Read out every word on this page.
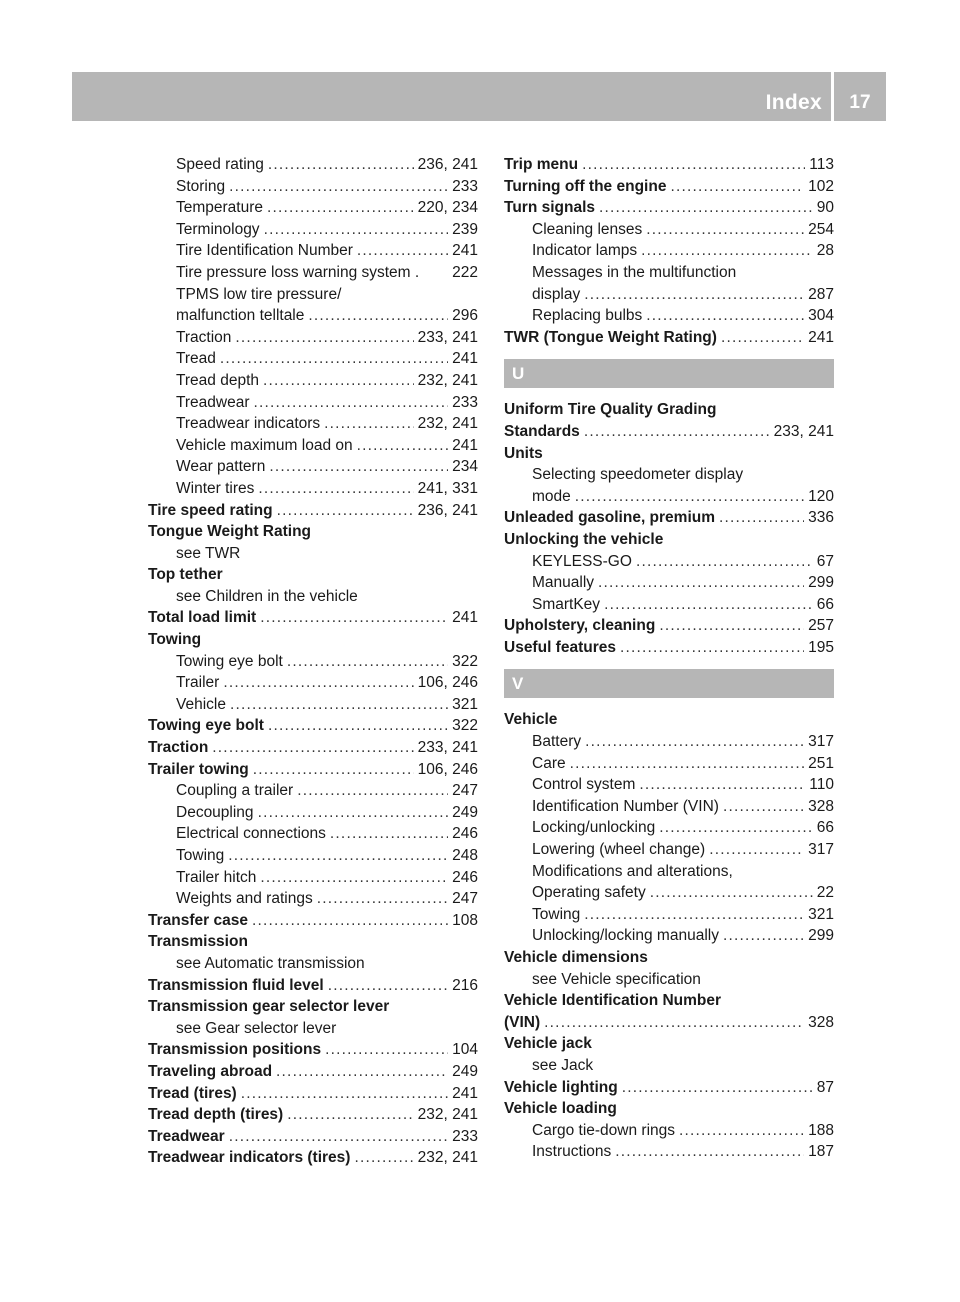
Index	17
Speed rating .....	236, 241
Storing .....	233
Temperature .....	220, 234
Terminology .....	239
Tire Identification Number .....	241
Tire pressure loss warning system . 222
TPMS low tire pressure/
malfunction telltale .....	296
Traction .....	233, 241
Tread .....	241
Tread depth .....	232, 241
Treadwear .....	233
Treadwear indicators .....	232, 241
Vehicle maximum load on .....	241
Wear pattern .....	234
Winter tires .....	241, 331
Tire speed rating .....	236, 241
Tongue Weight Rating
see TWR
Top tether
see Children in the vehicle
Total load limit .....	241
Towing
Towing eye bolt .....	322
Trailer .....	106, 246
Vehicle .....	321
Towing eye bolt .....	322
Traction .....	233, 241
Trailer towing .....	106, 246
Coupling a trailer .....	247
Decoupling .....	249
Electrical connections .....	246
Towing .....	248
Trailer hitch .....	246
Weights and ratings .....	247
Transfer case .....	108
Transmission
see Automatic transmission
Transmission fluid level .....	216
Transmission gear selector lever
see Gear selector lever
Transmission positions .....	104
Traveling abroad .....	249
Tread (tires) .....	241
Tread depth (tires) .....	232, 241
Treadwear .....	233
Treadwear indicators (tires) .....	232, 241
Trip menu .....	113
Turning off the engine .....	102
Turn signals .....	90
Cleaning lenses .....	254
Indicator lamps .....	28
Messages in the multifunction
display .....	287
Replacing bulbs .....	304
TWR (Tongue Weight Rating) .....	241
U
Uniform Tire Quality Grading
Standards .....	233, 241
Units
Selecting speedometer display
mode .....	120
Unleaded gasoline, premium .....	336
Unlocking the vehicle
KEYLESS-GO .....	67
Manually .....	299
SmartKey .....	66
Upholstery, cleaning .....	257
Useful features .....	195
V
Vehicle
Battery .....	317
Care .....	251
Control system .....	110
Identification Number (VIN) .....	328
Locking/unlocking .....	66
Lowering (wheel change) .....	317
Modifications and alterations,
Operating safety .....	22
Towing .....	321
Unlocking/locking manually .....	299
Vehicle dimensions
see Vehicle specification
Vehicle Identification Number
(VIN) .....	328
Vehicle jack
see Jack
Vehicle lighting .....	87
Vehicle loading
Cargo tie-down rings .....	188
Instructions .....	187
